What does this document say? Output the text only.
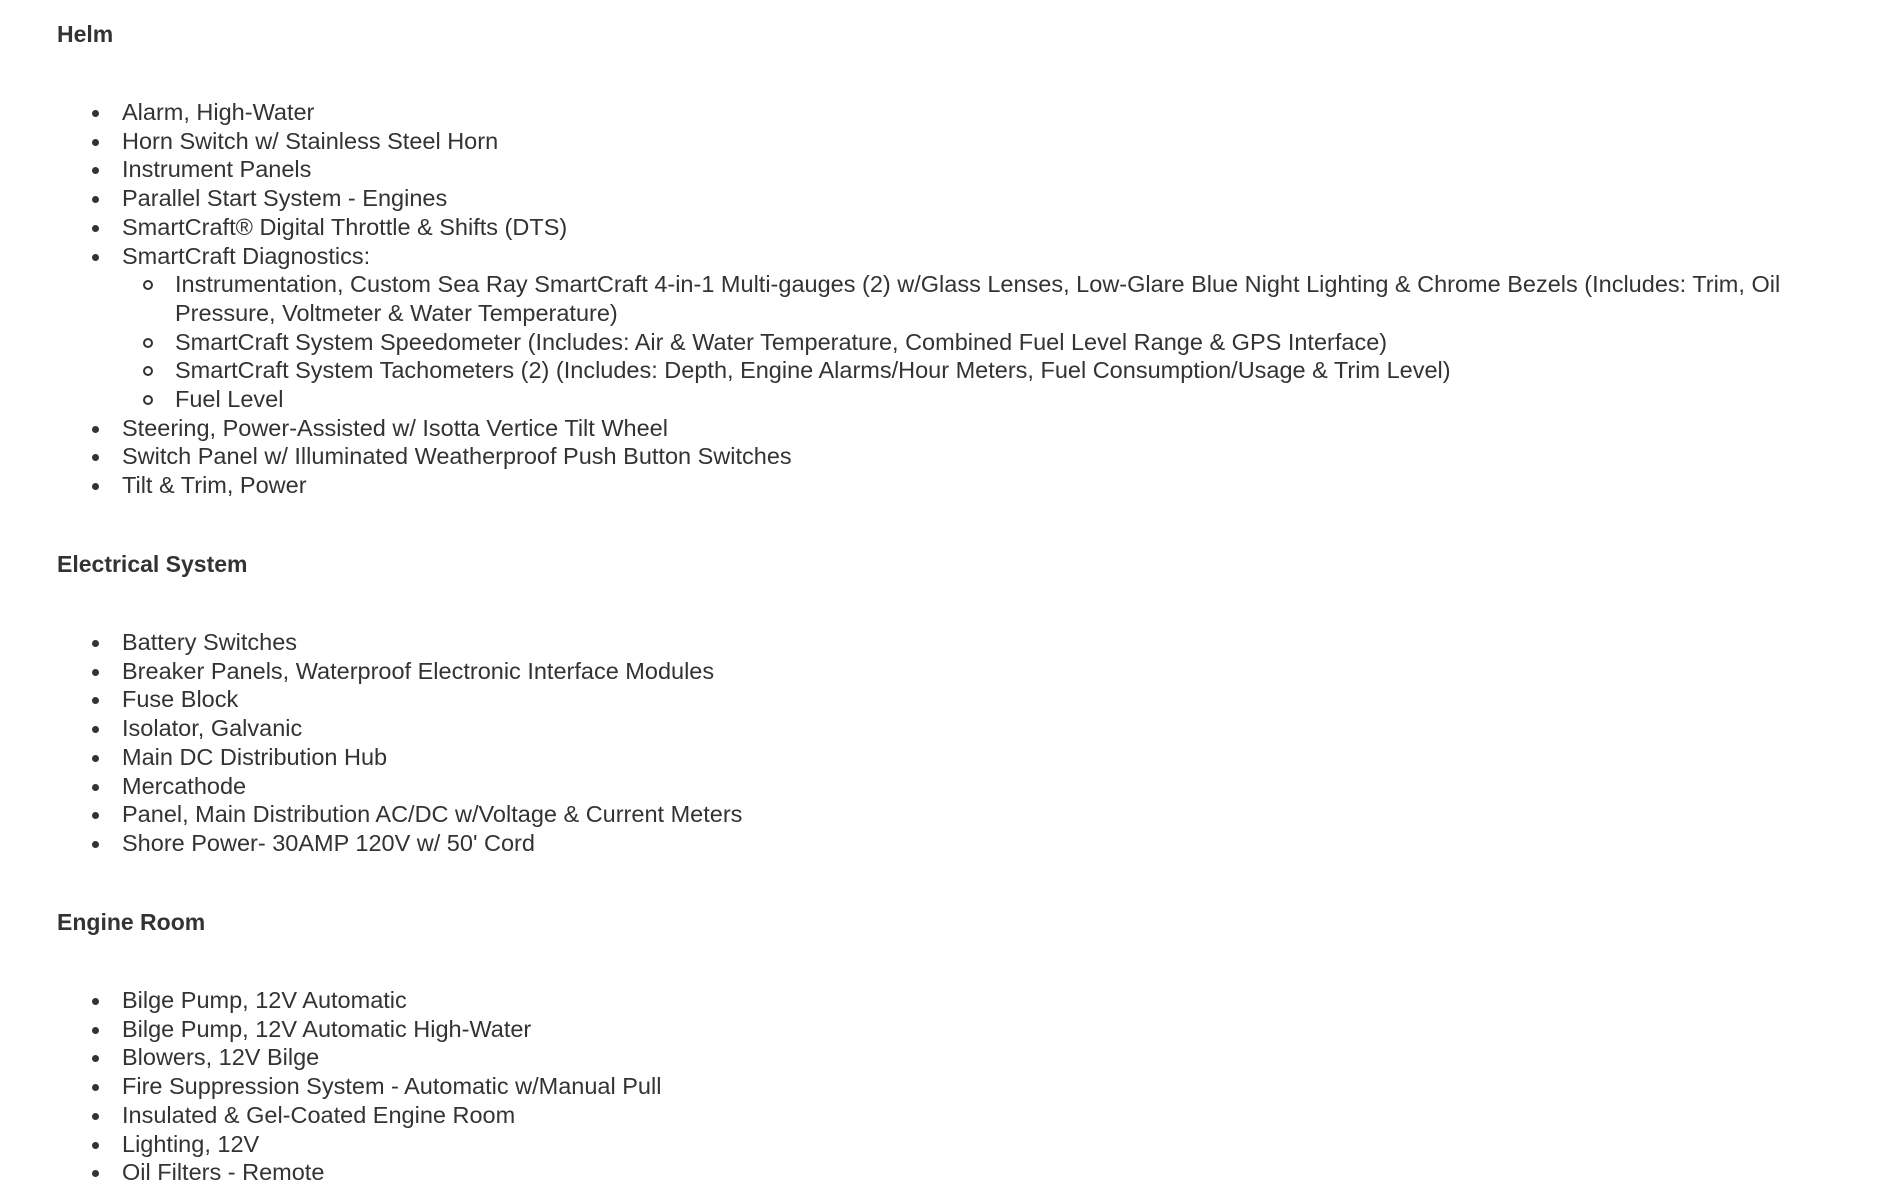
Helm
Alarm, High-Water
Horn Switch w/ Stainless Steel Horn
Instrument Panels
Parallel Start System - Engines
SmartCraft® Digital Throttle & Shifts (DTS)
SmartCraft Diagnostics:
Instrumentation, Custom Sea Ray SmartCraft 4-in-1 Multi-gauges (2) w/Glass Lenses, Low-Glare Blue Night Lighting & Chrome Bezels (Includes: Trim, Oil Pressure, Voltmeter & Water Temperature)
SmartCraft System Speedometer (Includes: Air & Water Temperature, Combined Fuel Level Range & GPS Interface)
SmartCraft System Tachometers (2) (Includes: Depth, Engine Alarms/Hour Meters, Fuel Consumption/Usage & Trim Level)
Fuel Level
Steering, Power-Assisted w/ Isotta Vertice Tilt Wheel
Switch Panel w/ Illuminated Weatherproof Push Button Switches
Tilt & Trim, Power
Electrical System
Battery Switches
Breaker Panels, Waterproof Electronic Interface Modules
Fuse Block
Isolator, Galvanic
Main DC Distribution Hub
Mercathode
Panel, Main Distribution AC/DC w/Voltage & Current Meters
Shore Power- 30AMP 120V w/ 50' Cord
Engine Room
Bilge Pump, 12V Automatic
Bilge Pump, 12V Automatic High-Water
Blowers, 12V Bilge
Fire Suppression System - Automatic w/Manual Pull
Insulated & Gel-Coated Engine Room
Lighting, 12V
Oil Filters - Remote
